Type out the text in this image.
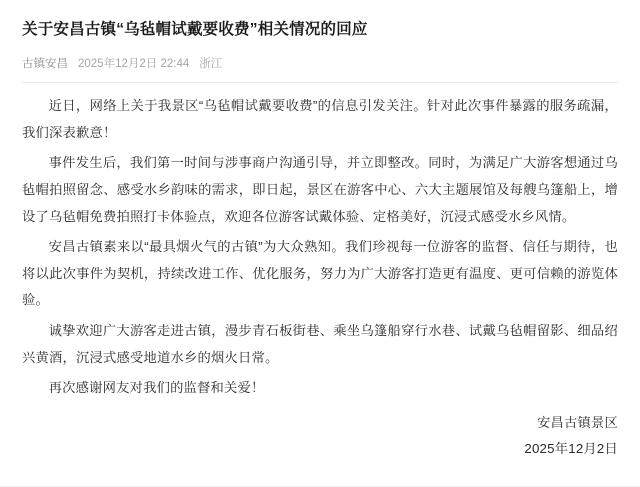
关于安昌古镇“乌毡帽试戴要收费”相关情况的回应
古镇安昌 2025年12月2日 22:44 浙江

近日，网络上关于我景区“乌毡帽试戴要收费”的信息引发关注。针对此次事件暴露的服务疏漏，我们深表歉意！

事件发生后，我们第一时间与涉事商户沟通引导，并立即整改。同时，为满足广大游客想通过乌毡帽拍照留念、感受水乡韵味的需求，即日起，景区在游客中心、六大主题展馆及每艘乌篷船上，增设了乌毡帽免费拍照打卡体验点，欢迎各位游客试戴体验、定格美好，沉浸式感受水乡风情。

安昌古镇素来以“最具烟火气的古镇”为大众熟知。我们珍视每一位游客的监督、信任与期待，也将以此次事件为契机，持续改进工作、优化服务，努力为广大游客打造更有温度、更可信赖的游览体验。

诚挚欢迎广大游客走进古镇，漫步青石板街巷、乘坐乌篷船穿行水巷、试戴乌毡帽留影、细品绍兴黄酒，沉浸式感受地道水乡的烟火日常。

再次感谢网友对我们的监督和关爱！

安昌古镇景区

2025年12月2日
